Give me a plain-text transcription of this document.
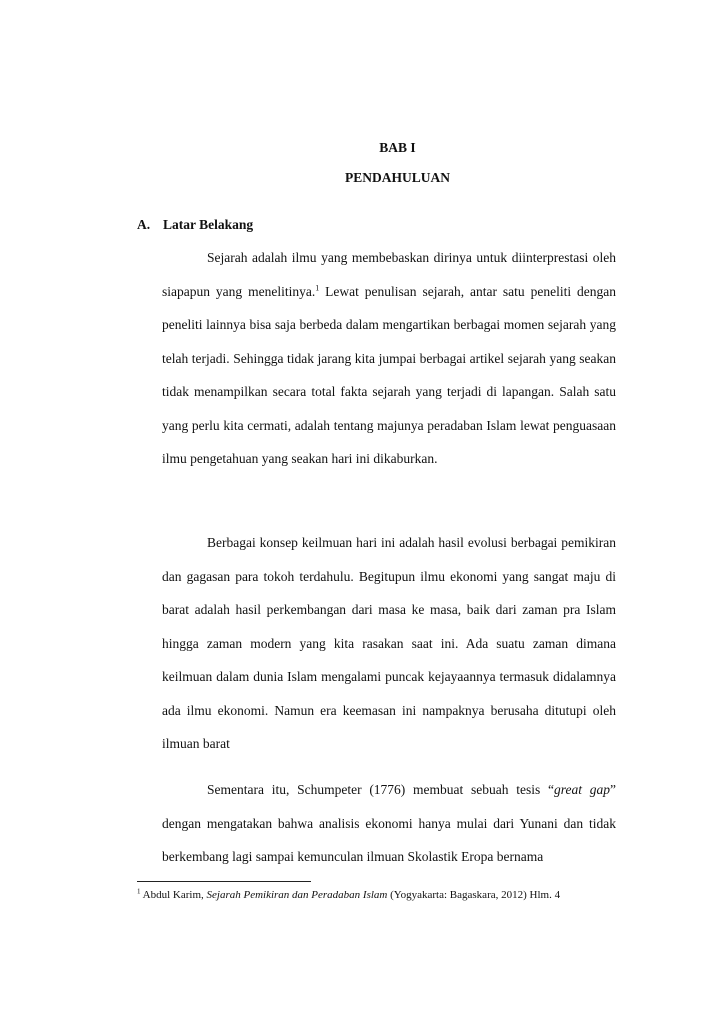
BAB I
PENDAHULUAN
A. Latar Belakang

Sejarah adalah ilmu yang membebaskan dirinya untuk diinterprestasi oleh siapapun yang menelitinya.$^1$ Lewat penulisan sejarah, antar satu peneliti dengan peneliti lainnya bisa saja berbeda dalam mengartikan berbagai momen sejarah yang telah terjadi. Sehingga tidak jarang kita jumpai berbagai artikel sejarah yang seakan tidak menampilkan secara total fakta sejarah yang terjadi di lapangan. Salah satu yang perlu kita cermati, adalah tentang majunya peradaban Islam lewat penguasaan ilmu pengetahuan yang seakan hari ini dikaburkan.

Berbagai konsep keilmuan hari ini adalah hasil evolusi berbagai pemikiran dan gagasan para tokoh terdahulu. Begitupun ilmu ekonomi yang sangat maju di barat adalah hasil perkembangan dari masa ke masa, baik dari zaman pra Islam hingga zaman modern yang kita rasakan saat ini. Ada suatu zaman dimana keilmuan dalam dunia Islam mengalami puncak kejayaannya termasuk didalamnya ada ilmu ekonomi. Namun era keemasan ini nampaknya berusaha ditutupi oleh ilmuan barat

Sementara itu, Schumpeter (1776) membuat sebuah tesis “great gap” dengan mengatakan bahwa analisis ekonomi hanya mulai dari Yunani dan tidak berkembang lagi sampai kemunculan ilmuan Skolastik Eropa bernama

$^1$ Abdul Karim, Sejarah Pemikiran dan Peradaban Islam (Yogyakarta: Bagaskara, 2012) Hlm. 4
